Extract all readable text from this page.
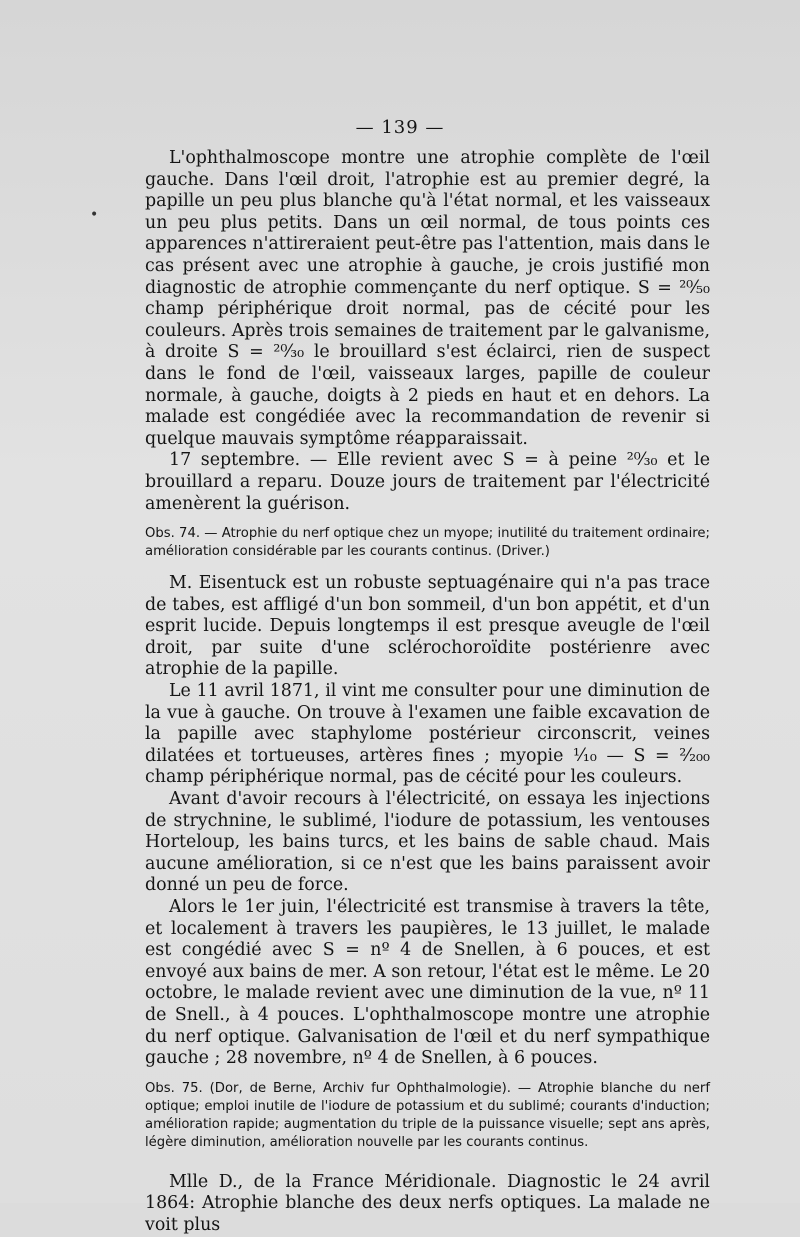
— 139 —
•

L'ophthalmoscope montre une atrophie complète de l'œil gauche. Dans l'œil droit, l'atrophie est au premier degré, la papille un peu plus blanche qu'à l'état normal, et les vaisseaux un peu plus petits. Dans un œil normal, de tous points ces apparences n'attireraient peut-être pas l'attention, mais dans le cas présent avec une atrophie à gauche, je crois justifié mon diagnostic de atrophie commençante du nerf optique. S = ²⁰⁄₅₀ champ périphérique droit normal, pas de cécité pour les couleurs. Après trois semaines de traitement par le galvanisme, à droite S = ²⁰⁄₃₀ le brouillard s'est éclairci, rien de suspect dans le fond de l'œil, vaisseaux larges, papille de couleur normale, à gauche, doigts à 2 pieds en haut et en dehors. La malade est congédiée avec la recommandation de revenir si quelque mauvais symptôme réapparaissait.

17 septembre. — Elle revient avec S = à peine ²⁰⁄₃₀ et le brouillard a reparu. Douze jours de traitement par l'électricité amenèrent la guérison.

Obs. 74. — Atrophie du nerf optique chez un myope; inutilité du traitement ordinaire; amélioration considérable par les courants continus. (Driver.)

M. Eisentuck est un robuste septuagénaire qui n'a pas trace de tabes, est affligé d'un bon sommeil, d'un bon appétit, et d'un esprit lucide. Depuis longtemps il est presque aveugle de l'œil droit, par suite d'une sclérochoroïdite postérienre avec atrophie de la papille.

Le 11 avril 1871, il vint me consulter pour une diminution de la vue à gauche. On trouve à l'examen une faible excavation de la papille avec staphylome postérieur circonscrit, veines dilatées et tortueuses, artères fines ; myopie ¹⁄₁₀ — S = ²⁄₂₀₀ champ périphérique normal, pas de cécité pour les couleurs.

Avant d'avoir recours à l'électricité, on essaya les injections de strychnine, le sublimé, l'iodure de potassium, les ventouses Horteloup, les bains turcs, et les bains de sable chaud. Mais aucune amélioration, si ce n'est que les bains paraissent avoir donné un peu de force.

Alors le 1er juin, l'électricité est transmise à travers la tête, et localement à travers les paupières, le 13 juillet, le malade est congédié avec S = nº 4 de Snellen, à 6 pouces, et est envoyé aux bains de mer. A son retour, l'état est le même. Le 20 octobre, le malade revient avec une diminution de la vue, nº 11 de Snell., à 4 pouces. L'ophthalmoscope montre une atrophie du nerf optique. Galvanisation de l'œil et du nerf sympathique gauche ; 28 novembre, nº 4 de Snellen, à 6 pouces.

Obs. 75. (Dor, de Berne, Archiv fur Ophthalmologie). — Atrophie blanche du nerf optique; emploi inutile de l'iodure de potassium et du sublimé; courants d'induction; amélioration rapide; augmentation du triple de la puissance visuelle; sept ans après, légère diminution, amélioration nouvelle par les courants continus.

Mlle D., de la France Méridionale. Diagnostic le 24 avril 1864: Atrophie blanche des deux nerfs optiques. La malade ne voit plus
